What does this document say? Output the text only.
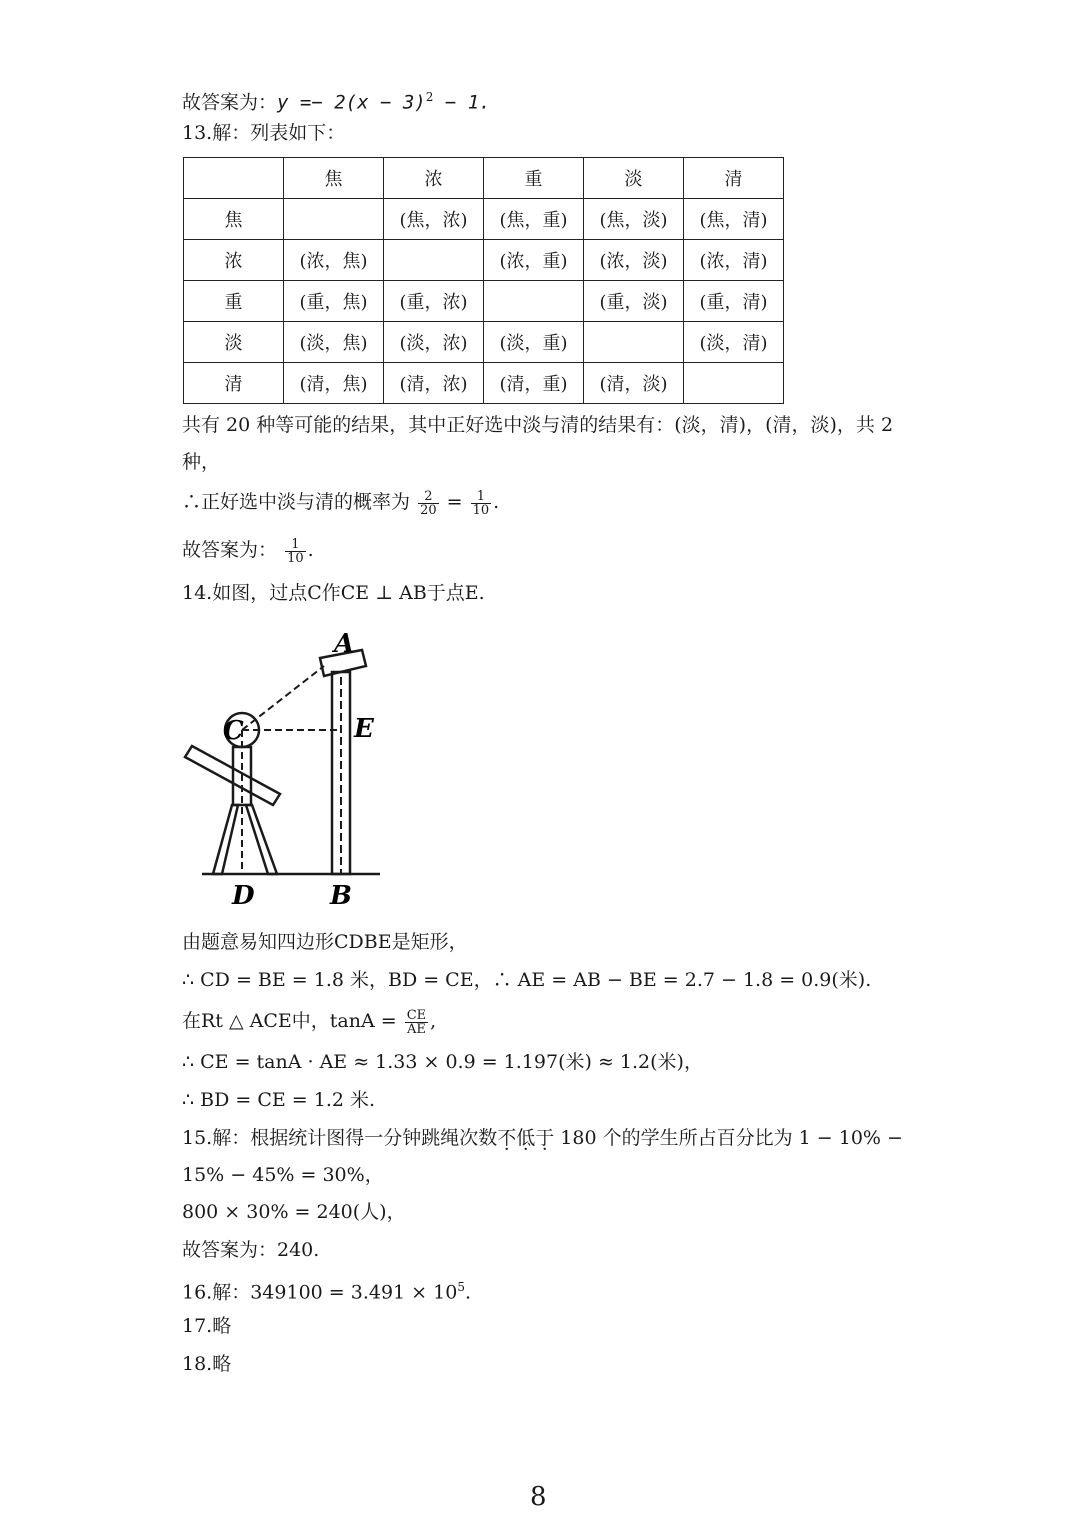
故答案为：$y =- 2(x - 3)^2 - 1$.
13.解：列表如下：
	焦	浓	重	淡	清
焦		(焦，浓)	(焦，重)	(焦，淡)	(焦，清)
浓	(浓，焦)		(浓，重)	(浓，淡)	(浓，清)
重	(重，焦)	(重，浓)		(重，淡)	(重，清)
淡	(淡，焦)	(淡，浓)	(淡，重)		(淡，清)
清	(清，焦)	(清，浓)	(清，重)	(清，淡)	
共有 20 种等可能的结果，其中正好选中淡与清的结果有：(淡，清)，(清，淡)，共 2
种，
∴正好选中淡与清的概率为 $\frac{2}{20} = \frac{1}{10}$ .
故答案为： $\frac{1}{10}$ .
14.如图，过点C作CE ⊥ AB于点E.
A
C	E
D	B
由题意易知四边形CDBE是矩形，
∴ CD = BE = 1.8 米，BD = CE，∴ AE = AB − BE = 2.7 − 1.8 = 0.9(米).
在Rt △ ACE中，$\tan A = \frac{CE}{AE}$ ,
∴ CE = tanA · AE ≈ 1.33 × 0.9 = 1.197(米) ≈ 1.2(米)，
∴ BD = CE = 1.2 米.
15.解：根据统计图得一分钟跳绳次数不低于 180 个的学生所占百分比为 1 − 10% −
15% − 45% = 30%，
800 × 30% = 240(人)，
故答案为：240.
16.解：$349100 = 3.491 \times 10^5$.
17.略
18.略
8
